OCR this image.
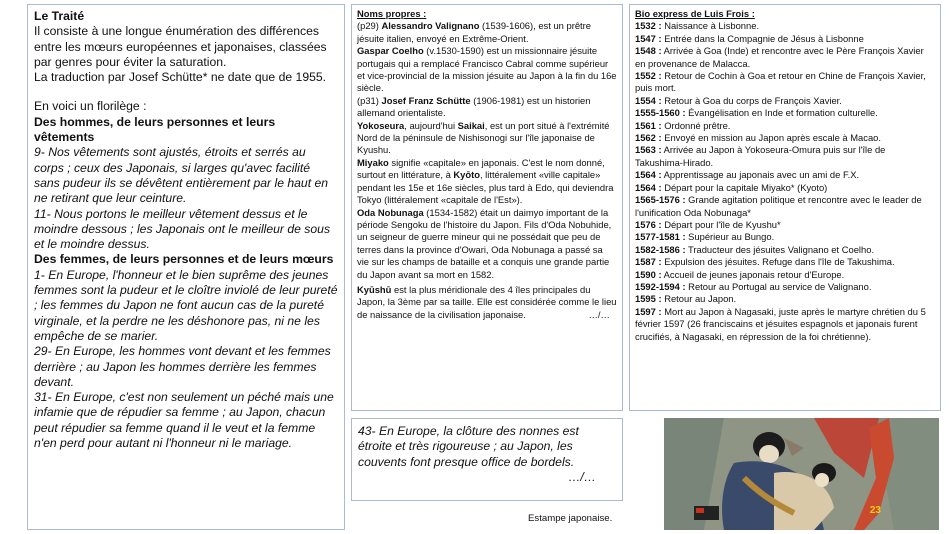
Le Traité

Il consiste à une longue énumération des différences entre les mœurs européennes et japonaises, classées par genres pour éviter la saturation.

La traduction par Josef Schütte* ne date que de 1955.

En voici un florilège :

Des hommes, de leurs personnes et leurs vêtements

9- Nos vêtements sont ajustés, étroits et serrés au corps ; ceux des Japonais, si larges qu'avec facilité sans pudeur ils se dévêtent entièrement par le haut en ne retirant que leur ceinture.

11- Nous portons le meilleur vêtement dessus et le moindre dessous ; les Japonais ont le meilleur de sous et le moindre dessus.

Des femmes, de leurs personnes et de leurs mœurs

1- En Europe, l'honneur et le bien suprême des jeunes femmes sont la pudeur et le cloître inviolé de leur pureté ; les femmes du Japon ne font aucun cas de la pureté virginale, et la perdre ne les déshonore pas, ni ne les empêche de se marier.

29- En Europe, les hommes vont devant et les femmes derrière ; au Japon les hommes derrière les femmes devant.

31- En Europe, c'est non seulement un péché mais une infamie que de répudier sa femme ; au Japon, chacun peut répudier sa femme quand il le veut et la femme n'en perd pour autant ni l'honneur ni le mariage.

Noms propres :

(p29) Alessandro Valignano (1539-1606), est un prêtre jésuite italien, envoyé en Extrême-Orient.

Gaspar Coelho (v.1530-1590) est un missionnaire jésuite portugais qui a remplacé Francisco Cabral comme supérieur et vice-provincial de la mission jésuite au Japon à la fin du 16e siècle.

(p31) Josef Franz Schütte (1906-1981) est un historien allemand orientaliste.

Yokoseura, aujourd'hui Saikai, est un port situé à l'extrémité Nord de la péninsule de Nishisonogi sur l'île japonaise de Kyushu.

Miyako signifie «capitale» en japonais. C'est le nom donné, surtout en littérature, à Kyōto, littéralement «ville capitale» pendant les 15e et 16e siècles, plus tard à Edo, qui deviendra Tokyo (littéralement «capitale de l'Est»).

Oda Nobunaga (1534-1582) était un daimyo important de la période Sengoku de l'histoire du Japon. Fils d'Oda Nobuhide, un seigneur de guerre mineur qui ne possédait que peu de terres dans la province d'Owari, Oda Nobunaga a passé sa vie sur les champs de bataille et a conquis une grande partie du Japon avant sa mort en 1582.

Kyūshū est la plus méridionale des 4 îles principales du Japon, la 3ème par sa taille. Elle est considérée comme le lieu de naissance de la civilisation japonaise.	…/…

Bio express de Luis Frois :

1532 : Naissance à Lisbonne.

1547 : Entrée dans la Compagnie de Jésus à Lisbonne

1548 : Arrivée à Goa (Inde) et rencontre avec le Père François Xavier en provenance de Malacca.

1552 : Retour de Cochin à Goa et retour en Chine de François Xavier, puis mort.

1554 : Retour à Goa du corps de François Xavier.

1555-1560 : Évangélisation en Inde et formation culturelle.

1561 : Ordonné prêtre.

1562 : Envoyé en mission au Japon après escale à Macao.

1563 : Arrivée au Japon à Yokoseura-Omura puis sur l'île de Takushima-Hirado.

1564 : Apprentissage au japonais avec un ami de F.X.

1564 : Départ pour la capitale Miyako* (Kyoto)

1565-1576 : Grande agitation politique et rencontre avec le leader de l'unification Oda Nobunaga*

1576 : Départ pour l'île de Kyushu*

1577-1581 : Supérieur au Bungo.

1582-1586 : Traducteur des jésuites Valignano et Coelho.

1587 : Expulsion des jésuites. Refuge dans l'île de Takushima.

1590 : Accueil de jeunes japonais retour d'Europe.

1592-1594 : Retour au Portugal au service de Valignano.

1595 : Retour au Japon.

1597 : Mort au Japon à Nagasaki, juste après le martyre chrétien du 5 février 1597 (26 franciscains et jésuites espagnols et japonais furent crucifiés, à Nagasaki, en répression de la foi chrétienne).

43- En Europe, la clôture des nonnes est étroite et très rigoureuse ; au Japon, les couvents font presque office de bordels.

…/…

Estampe japonaise.
23
